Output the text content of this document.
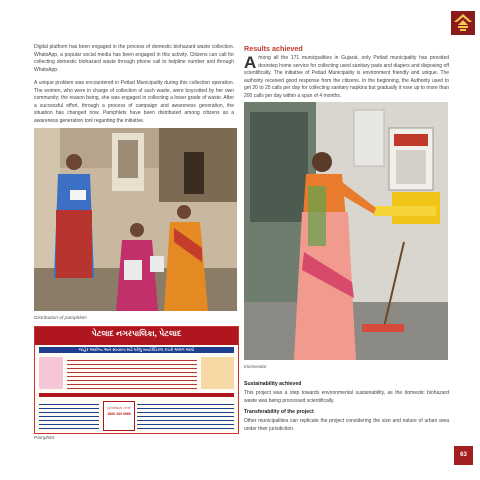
Digital platform has been engaged in the process of domestic biohazard waste collection. WhatsApp, a popular social media has been engaged in this activity. Citizens can call for collecting domestic biohazard waste through phone call to helpline number and through WhatsApp.

A unique problem was encountered in Petlad Municipality during this collection operation. The women, who were in charge of collection of such waste, were boycotted by her own community; the reason being, she was engaged in collecting a lower grade of waste. After a successful effort, through a process of campaign and awareness generation, the situation has changed now. Pamphlets have been distributed among citizens as a awareness generation tool regarding the initiative.

Distribution of pamphlets

પેટલાદ નગરપાલિકા, પેટલાદ
જાહેર આરોગ્ય અને સ્વચ્છતા માટે ઘરેલુ બાયોમેડિકલ કચરો અલગ આપો
હેલ્પલાઇન નંબર
1800 233 9066

Pamphlet

Results achieved

Among all the 171 municipalities in Gujarat, only Petlad municipality has provided doorstep home service for collecting used sanitary pads and diapers and disposing off scientifically. The initiative of Petlad Municipality is environment friendly and unique. The authority received good response from the citizens. In the beginning, the Authority used to get 20 to 25 calls per day for collecting sanitary napkins but gradually it rose up to more than 200 calls per day within a span of 4 months.

Incinerator

Sustainability achieved

This project was a step towards environmental sustainability, as the domestic biohazard waste was being processed scientifically.

Transferability of the project

Other municipalities can replicate the project considering the size and nature of urban area under their jurisdiction.

63
